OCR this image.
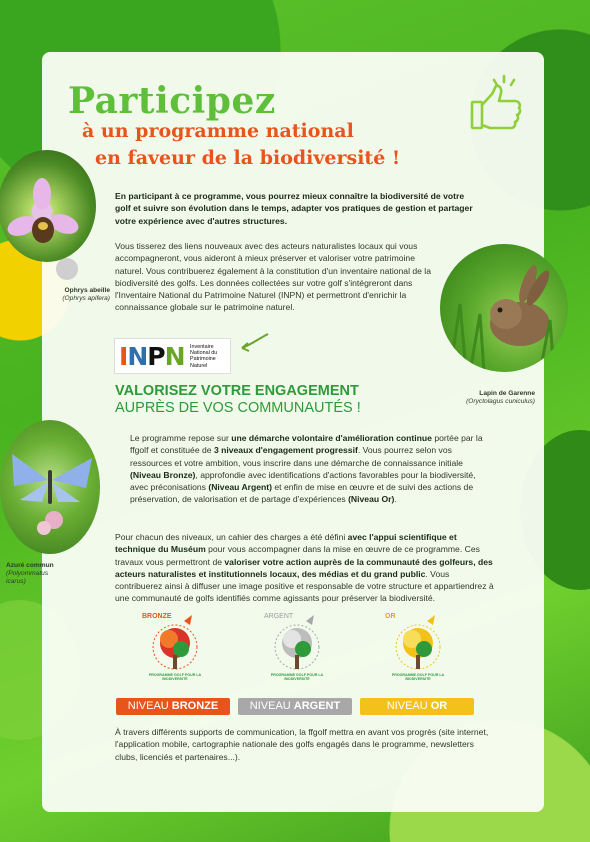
Participez
à un programme national
en faveur de la biodiversité !
Ophrys abeille
(Ophrys apifera)
Lapin de Garenne
(Oryctolagus cuniculus)
Azuré commun
(Polyommatus
icarus)

En participant à ce programme, vous pourrez mieux connaître la biodiversité de votre golf et suivre son évolution dans le temps, adapter vos pratiques de gestion et partager votre expérience avec d'autres structures.

Vous tisserez des liens nouveaux avec des acteurs naturalistes locaux qui vous accompagneront, vous aideront à mieux préserver et valoriser votre patrimoine naturel. Vous contribuerez également à la constitution d'un inventaire national de la biodiversité des golfs. Les données collectées sur votre golf s'intégreront dans l'Inventaire National du Patrimoine Naturel (INPN) et permettront d'enrichir la connaissance globale sur le patrimoine naturel.

INPN Inventaire
National du
Patrimoine
Naturel
VALORISEZ VOTRE ENGAGEMENT
AUPRÈS DE VOS COMMUNAUTÉS !

Le programme repose sur une démarche volontaire d'amélioration continue portée par la ffgolf et constituée de 3 niveaux d'engagement progressif. Vous pourrez selon vos ressources et votre ambition, vous inscrire dans une démarche de connaissance initiale (Niveau Bronze), approfondie avec identifications d'actions favorables pour la biodiversité, avec préconisations (Niveau Argent) et enfin de mise en œuvre et de suivi des actions de préservation, de valorisation et de partage d'expériences (Niveau Or).

Pour chacun des niveaux, un cahier des charges a été défini avec l'appui scientifique et technique du Muséum pour vous accompagner dans la mise en œuvre de ce programme. Ces travaux vous permettront de valoriser votre action auprès de la communauté des golfeurs, des acteurs naturalistes et institutionnels locaux, des médias et du grand public. Vous contribuerez ainsi à diffuser une image positive et responsable de votre structure et appartiendrez à une communauté de golfs identifiés comme agissants pour préserver la biodiversité.

BRONZE
PROGRAMME GOLF POUR LA BIODIVERSITÉ
ARGENT
PROGRAMME GOLF POUR LA BIODIVERSITÉ
OR
PROGRAMME GOLF POUR LA BIODIVERSITÉ
NIVEAU BRONZE	NIVEAU ARGENT	NIVEAU OR

À travers différents supports de communication, la ffgolf mettra en avant vos progrès (site internet, l'application mobile, cartographie nationale des golfs engagés dans le programme, newsletters clubs, licenciés et partenaires...).
